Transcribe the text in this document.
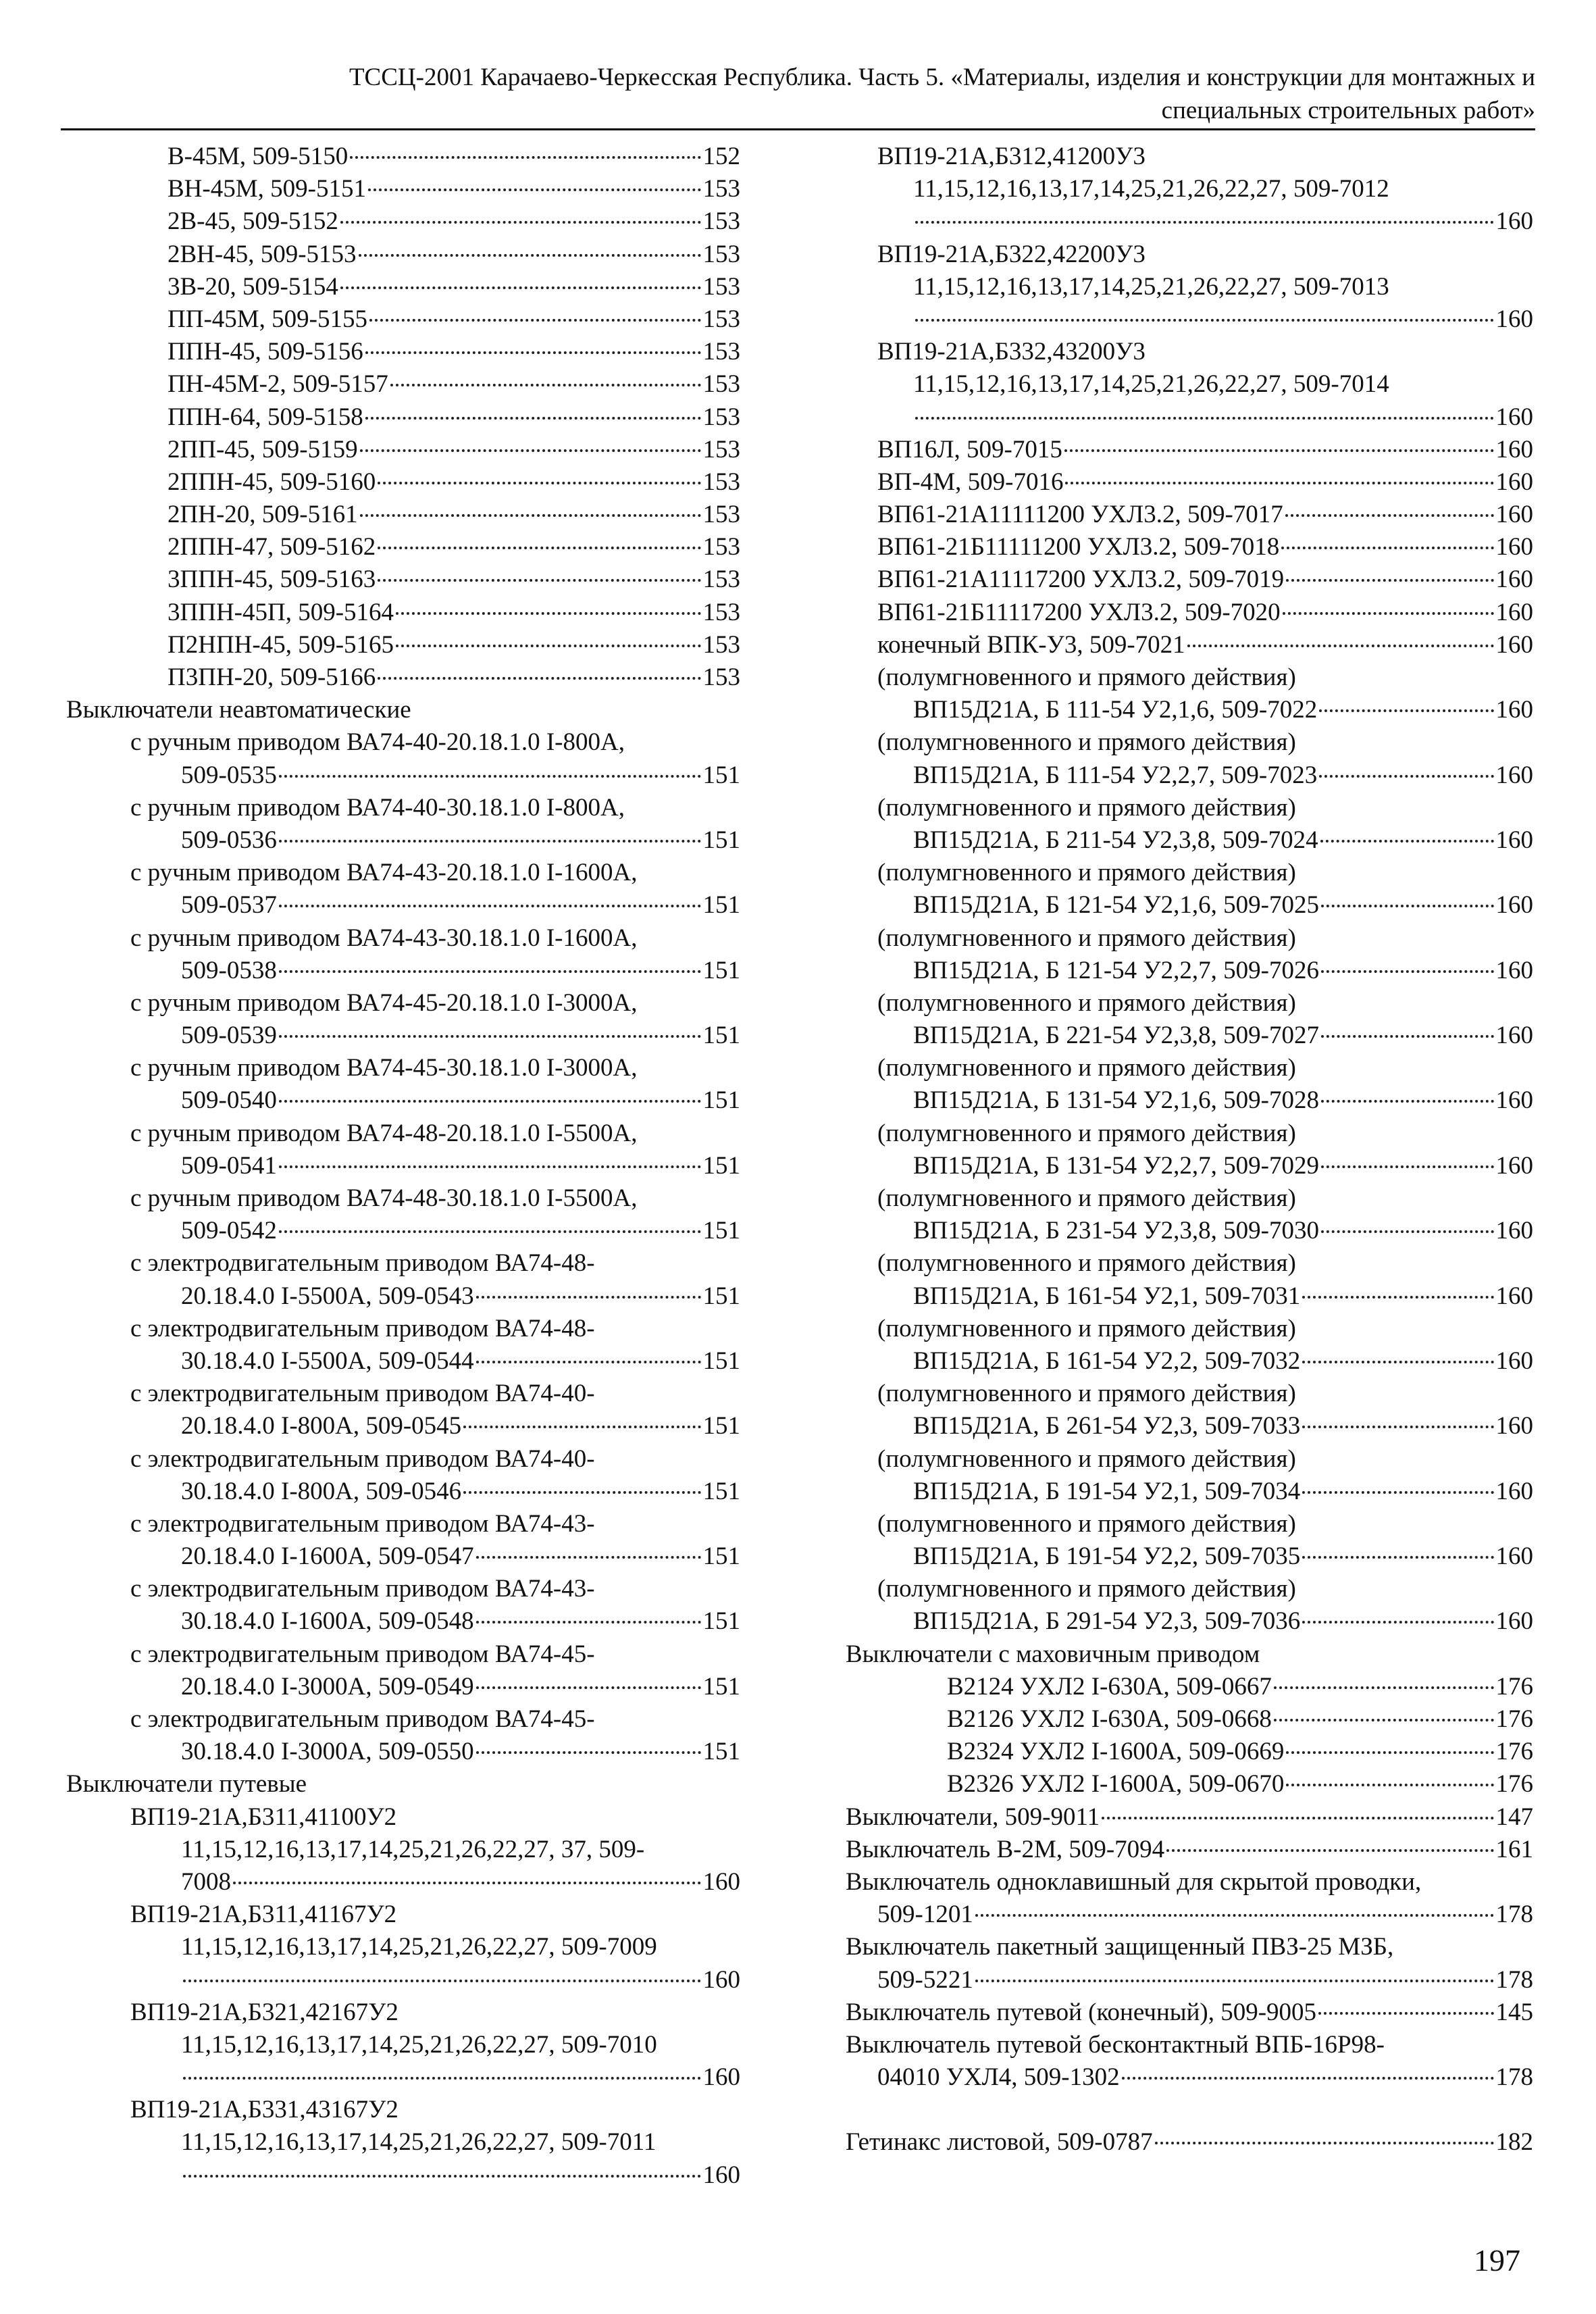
ТССЦ-2001 Карачаево-Черкесская Республика. Часть 5. «Материалы, изделия и конструкции для монтажных и
специальных строительных работ»
В-45М, 509-5150	152
ВН-45М, 509-5151	153
2В-45, 509-5152	153
2ВН-45, 509-5153	153
3В-20, 509-5154	153
ПП-45М, 509-5155	153
ППН-45, 509-5156	153
ПН-45М-2, 509-5157	153
ППН-64, 509-5158	153
2ПП-45, 509-5159	153
2ППН-45, 509-5160	153
2ПН-20, 509-5161	153
2ППН-47, 509-5162	153
3ППН-45, 509-5163	153
3ППН-45П, 509-5164	153
П2НПН-45, 509-5165	153
П3ПН-20, 509-5166	153
Выключатели неавтоматические
с ручным приводом ВА74-40-20.18.1.0 I-800А,
509-0535	151
с ручным приводом ВА74-40-30.18.1.0 I-800А,
509-0536	151
с ручным приводом ВА74-43-20.18.1.0 I-1600А,
509-0537	151
с ручным приводом ВА74-43-30.18.1.0 I-1600А,
509-0538	151
с ручным приводом ВА74-45-20.18.1.0 I-3000А,
509-0539	151
с ручным приводом ВА74-45-30.18.1.0 I-3000А,
509-0540	151
с ручным приводом ВА74-48-20.18.1.0 I-5500А,
509-0541	151
с ручным приводом ВА74-48-30.18.1.0 I-5500А,
509-0542	151
с электродвигательным приводом ВА74-48-
20.18.4.0 I-5500А, 509-0543	151
с электродвигательным приводом ВА74-48-
30.18.4.0 I-5500А, 509-0544	151
с электродвигательным приводом ВА74-40-
20.18.4.0 I-800А, 509-0545	151
с электродвигательным приводом ВА74-40-
30.18.4.0 I-800А, 509-0546	151
с электродвигательным приводом ВА74-43-
20.18.4.0 I-1600А, 509-0547	151
с электродвигательным приводом ВА74-43-
30.18.4.0 I-1600А, 509-0548	151
с электродвигательным приводом ВА74-45-
20.18.4.0 I-3000А, 509-0549	151
с электродвигательным приводом ВА74-45-
30.18.4.0 I-3000А, 509-0550	151
Выключатели путевые
ВП19-21А,Б311,41100У2
11,15,12,16,13,17,14,25,21,26,22,27, 37, 509-
7008	160
ВП19-21А,Б311,41167У2
11,15,12,16,13,17,14,25,21,26,22,27, 509-7009
160
ВП19-21А,Б321,42167У2
11,15,12,16,13,17,14,25,21,26,22,27, 509-7010
160
ВП19-21А,Б331,43167У2
11,15,12,16,13,17,14,25,21,26,22,27, 509-7011
160
ВП19-21А,Б312,41200У3
11,15,12,16,13,17,14,25,21,26,22,27, 509-7012
160
ВП19-21А,Б322,42200У3
11,15,12,16,13,17,14,25,21,26,22,27, 509-7013
160
ВП19-21А,Б332,43200У3
11,15,12,16,13,17,14,25,21,26,22,27, 509-7014
160
ВП16Л, 509-7015	160
ВП-4М, 509-7016	160
ВП61-21А11111200 УХЛ3.2, 509-7017	160
ВП61-21Б11111200 УХЛ3.2, 509-7018	160
ВП61-21А11117200 УХЛ3.2, 509-7019	160
ВП61-21Б11117200 УХЛ3.2, 509-7020	160
конечный ВПК-У3, 509-7021	160
(полумгновенного и прямого действия)
ВП15Д21А, Б 111-54 У2,1,6, 509-7022	160
(полумгновенного и прямого действия)
ВП15Д21А, Б 111-54 У2,2,7, 509-7023	160
(полумгновенного и прямого действия)
ВП15Д21А, Б 211-54 У2,3,8, 509-7024	160
(полумгновенного и прямого действия)
ВП15Д21А, Б 121-54 У2,1,6, 509-7025	160
(полумгновенного и прямого действия)
ВП15Д21А, Б 121-54 У2,2,7, 509-7026	160
(полумгновенного и прямого действия)
ВП15Д21А, Б 221-54 У2,3,8, 509-7027	160
(полумгновенного и прямого действия)
ВП15Д21А, Б 131-54 У2,1,6, 509-7028	160
(полумгновенного и прямого действия)
ВП15Д21А, Б 131-54 У2,2,7, 509-7029	160
(полумгновенного и прямого действия)
ВП15Д21А, Б 231-54 У2,3,8, 509-7030	160
(полумгновенного и прямого действия)
ВП15Д21А, Б 161-54 У2,1, 509-7031	160
(полумгновенного и прямого действия)
ВП15Д21А, Б 161-54 У2,2, 509-7032	160
(полумгновенного и прямого действия)
ВП15Д21А, Б 261-54 У2,3, 509-7033	160
(полумгновенного и прямого действия)
ВП15Д21А, Б 191-54 У2,1, 509-7034	160
(полумгновенного и прямого действия)
ВП15Д21А, Б 191-54 У2,2, 509-7035	160
(полумгновенного и прямого действия)
ВП15Д21А, Б 291-54 У2,3, 509-7036	160
Выключатели с маховичным приводом
В2124 УХЛ2 I-630А, 509-0667	176
В2126 УХЛ2 I-630А, 509-0668	176
В2324 УХЛ2 I-1600А, 509-0669	176
В2326 УХЛ2 I-1600А, 509-0670	176
Выключатели, 509-9011	147
Выключатель В-2М, 509-7094	161
Выключатель одноклавишный для скрытой проводки,
509-1201	178
Выключатель пакетный защищенный ПВЗ-25 МЗБ,
509-5221	178
Выключатель путевой (конечный), 509-9005	145
Выключатель путевой бесконтактный ВПБ-16Р98-
04010 УХЛ4, 509-1302	178
Гетинакс листовой, 509-0787	182
197
